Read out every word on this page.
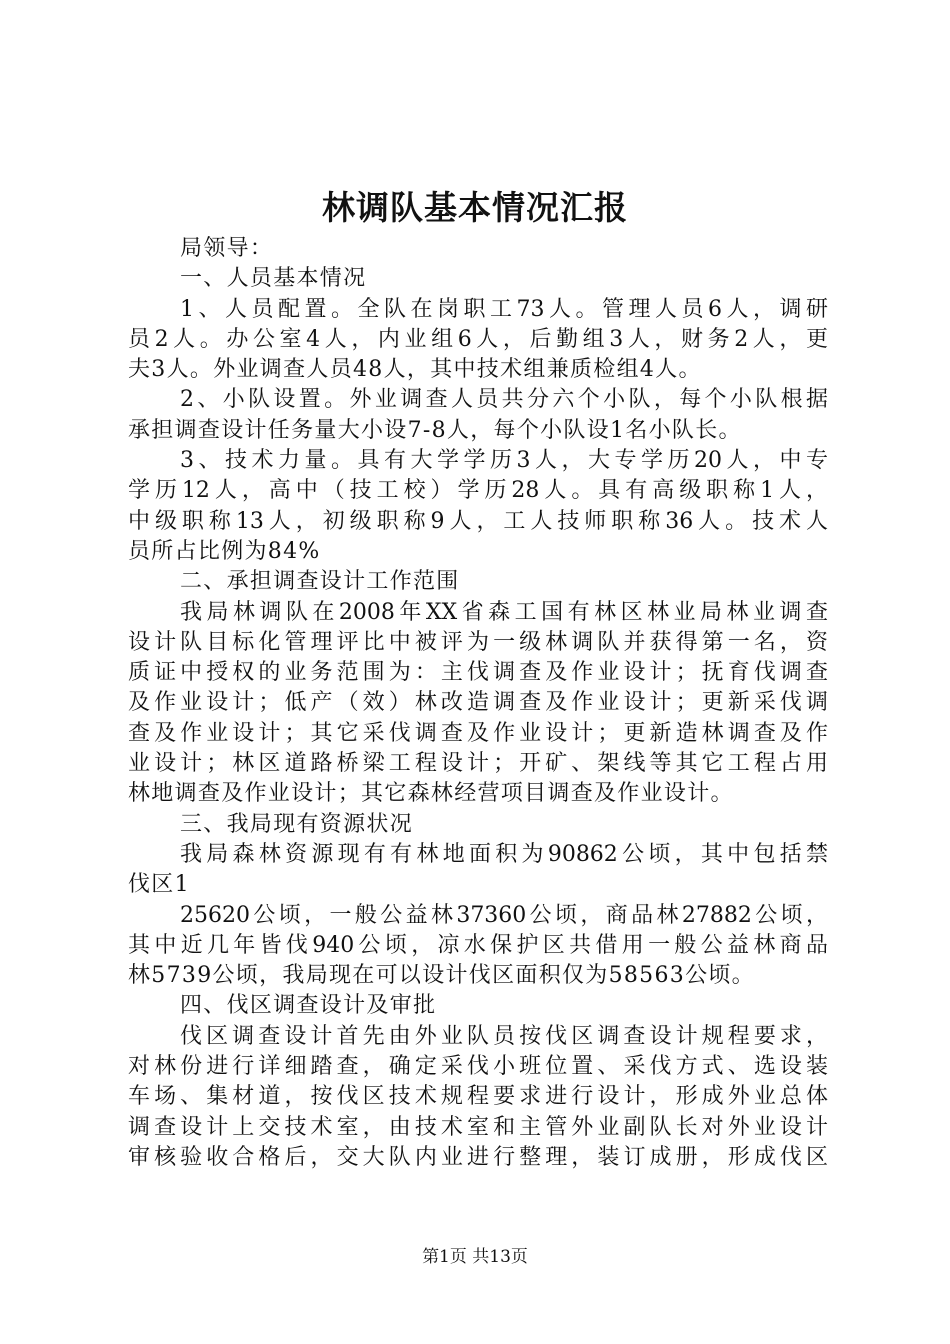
林调队基本情况汇报
局领导：
一、人员基本情况
1、人员配置。全队在岗职工73人。管理人员6人，调研
员2人。办公室4人，内业组6人，后勤组3人，财务2人，更
夫3人。外业调查人员48人，其中技术组兼质检组4人。
2、小队设置。外业调查人员共分六个小队，每个小队根据
承担调查设计任务量大小设7-8人，每个小队设1名小队长。
3、技术力量。具有大学学历3人，大专学历20人，中专
学历12人，高中（技工校）学历28人。具有高级职称1人，
中级职称13人，初级职称9人，工人技师职称36人。技术人
员所占比例为84%
二、承担调查设计工作范围
我局林调队在2008年XX省森工国有林区林业局林业调查
设计队目标化管理评比中被评为一级林调队并获得第一名，资
质证中授权的业务范围为：主伐调查及作业设计；抚育伐调查
及作业设计；低产（效）林改造调查及作业设计；更新采伐调
查及作业设计；其它采伐调查及作业设计；更新造林调查及作
业设计；林区道路桥梁工程设计；开矿、架线等其它工程占用
林地调查及作业设计；其它森林经营项目调查及作业设计。
三、我局现有资源状况
我局森林资源现有有林地面积为90862公顷，其中包括禁
伐区1
25620公顷，一般公益林37360公顷，商品林27882公顷，
其中近几年皆伐940公顷，凉水保护区共借用一般公益林商品
林5739公顷，我局现在可以设计伐区面积仅为58563公顷。
四、伐区调查设计及审批
伐区调查设计首先由外业队员按伐区调查设计规程要求，
对林份进行详细踏查，确定采伐小班位置、采伐方式、选设装
车场、集材道，按伐区技术规程要求进行设计，形成外业总体
调查设计上交技术室，由技术室和主管外业副队长对外业设计
审核验收合格后，交大队内业进行整理，装订成册，形成伐区
第1页 共13页
